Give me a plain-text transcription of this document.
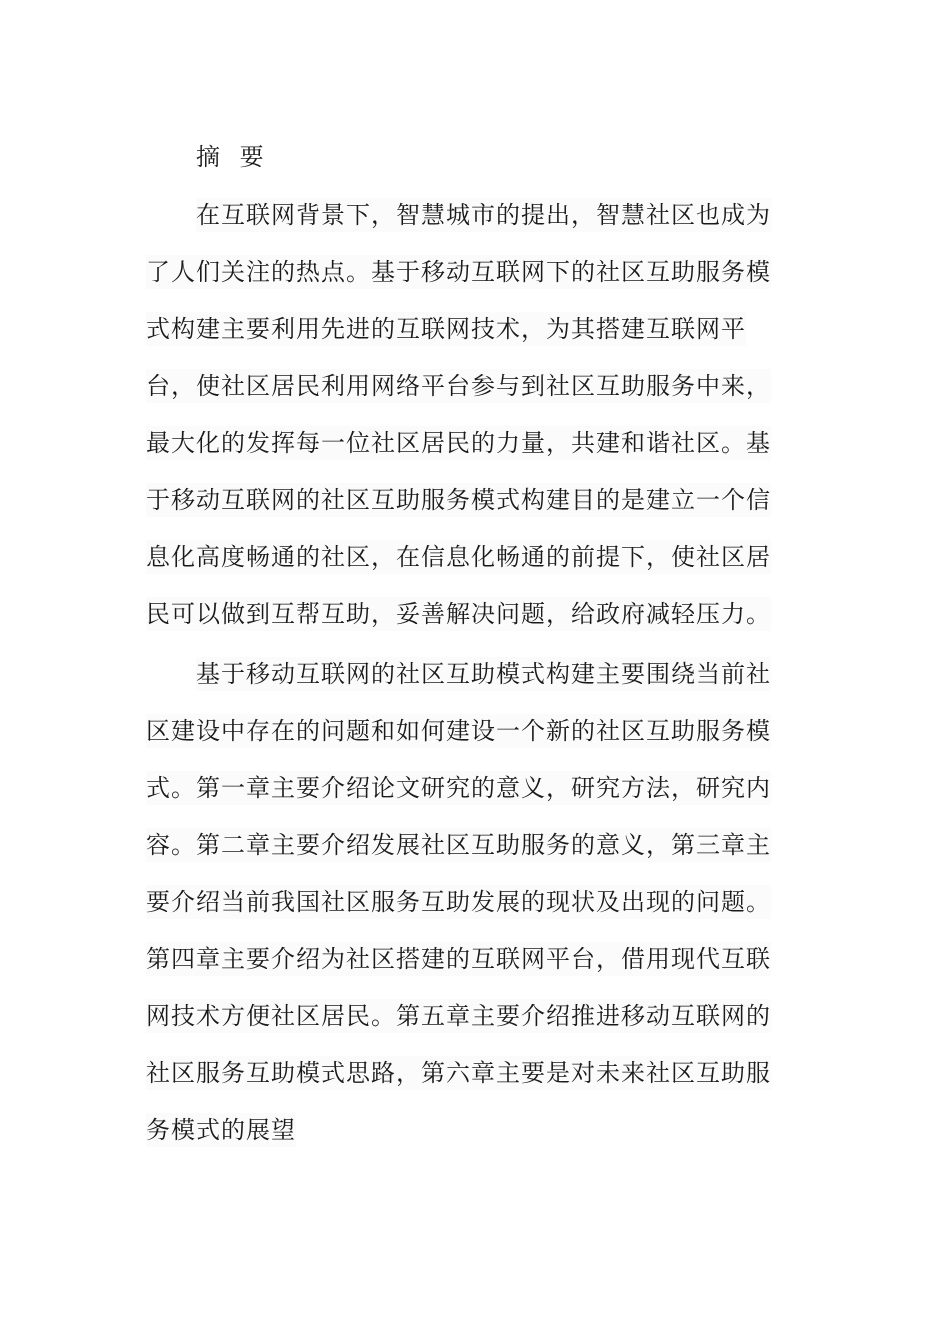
摘 要
在互联网背景下，智慧城市的提出，智慧社区也成为
了人们关注的热点。基于移动互联网下的社区互助服务模
式构建主要利用先进的互联网技术，为其搭建互联网平
台，使社区居民利用网络平台参与到社区互助服务中来，
最大化的发挥每一位社区居民的力量，共建和谐社区。基
于移动互联网的社区互助服务模式构建目的是建立一个信
息化高度畅通的社区，在信息化畅通的前提下，使社区居
民可以做到互帮互助，妥善解决问题，给政府减轻压力。
基于移动互联网的社区互助模式构建主要围绕当前社
区建设中存在的问题和如何建设一个新的社区互助服务模
式。第一章主要介绍论文研究的意义，研究方法，研究内
容。第二章主要介绍发展社区互助服务的意义，第三章主
要介绍当前我国社区服务互助发展的现状及出现的问题。
第四章主要介绍为社区搭建的互联网平台，借用现代互联
网技术方便社区居民。第五章主要介绍推进移动互联网的
社区服务互助模式思路，第六章主要是对未来社区互助服
务模式的展望
